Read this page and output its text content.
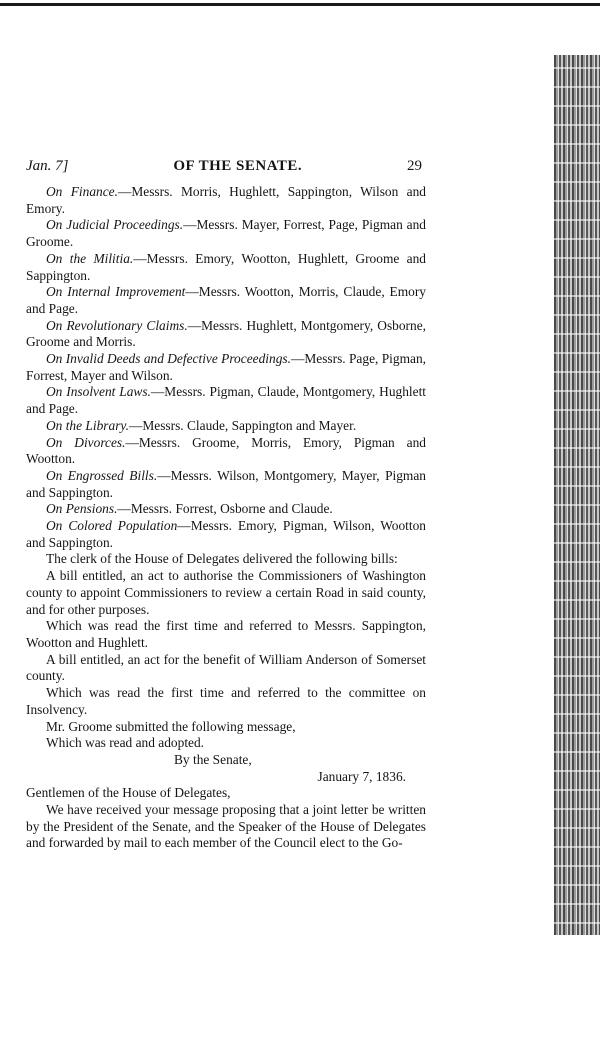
Jan. 7]	OF THE SENATE.	29

On Finance.—Messrs. Morris, Hughlett, Sappington, Wilson and Emory.

On Judicial Proceedings.—Messrs. Mayer, Forrest, Page, Pigman and Groome.

On the Militia.—Messrs. Emory, Wootton, Hughlett, Groome and Sappington.

On Internal Improvement—Messrs. Wootton, Morris, Claude, Emory and Page.

On Revolutionary Claims.—Messrs. Hughlett, Montgomery, Osborne, Groome and Morris.

On Invalid Deeds and Defective Proceedings.—Messrs. Page, Pigman, Forrest, Mayer and Wilson.

On Insolvent Laws.—Messrs. Pigman, Claude, Montgomery, Hughlett and Page.

On the Library.—Messrs. Claude, Sappington and Mayer.

On Divorces.—Messrs. Groome, Morris, Emory, Pigman and Wootton.

On Engrossed Bills.—Messrs. Wilson, Montgomery, Mayer, Pigman and Sappington.

On Pensions.—Messrs. Forrest, Osborne and Claude.

On Colored Population—Messrs. Emory, Pigman, Wilson, Wootton and Sappington.

The clerk of the House of Delegates delivered the following bills:

A bill entitled, an act to authorise the Commissioners of Washington county to appoint Commissioners to review a certain Road in said county, and for other purposes.

Which was read the first time and referred to Messrs. Sappington, Wootton and Hughlett.

A bill entitled, an act for the benefit of William Anderson of Somerset county.

Which was read the first time and referred to the committee on Insolvency.

Mr. Groome submitted the following message,

Which was read and adopted.

By the Senate,

January 7, 1836.

Gentlemen of the House of Delegates,

We have received your message proposing that a joint letter be written by the President of the Senate, and the Speaker of the House of Delegates and forwarded by mail to each member of the Council elect to the Go-
